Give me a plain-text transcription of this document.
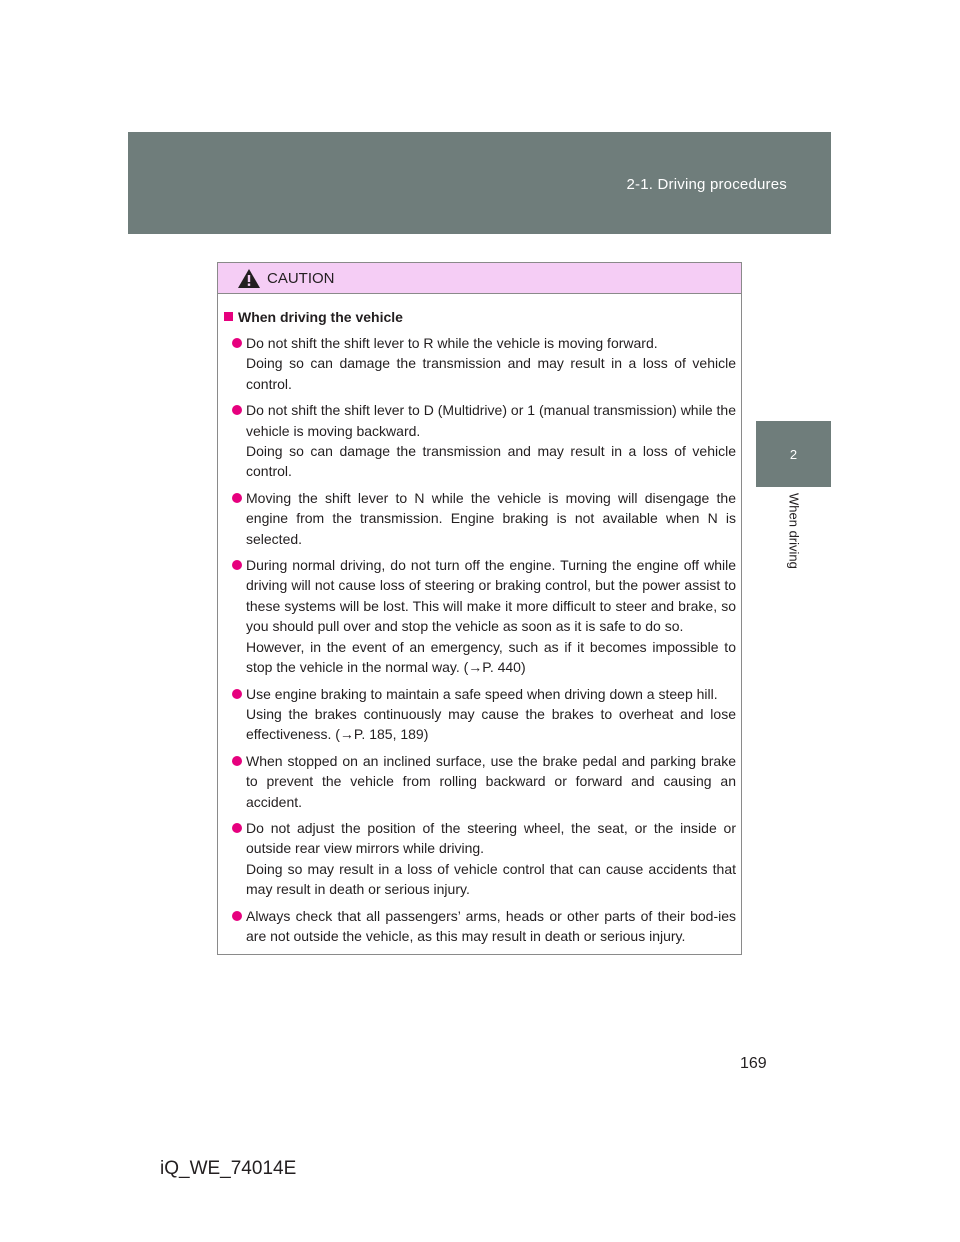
2-1. Driving procedures
2
When driving
CAUTION
When driving the vehicle

Do not shift the shift lever to R while the vehicle is moving forward.

Doing so can damage the transmission and may result in a loss of vehicle control.

Do not shift the shift lever to D (Multidrive) or 1 (manual transmission) while the vehicle is moving backward.

Doing so can damage the transmission and may result in a loss of vehicle control.

Moving the shift lever to N while the vehicle is moving will disengage the engine from the transmission. Engine braking is not available when N is selected.

During normal driving, do not turn off the engine. Turning the engine off while driving will not cause loss of steering or braking control, but the power assist to these systems will be lost. This will make it more difficult to steer and brake, so you should pull over and stop the vehicle as soon as it is safe to do so.

However, in the event of an emergency, such as if it becomes impossible to stop the vehicle in the normal way. (→P. 440)

Use engine braking to maintain a safe speed when driving down a steep hill.

Using the brakes continuously may cause the brakes to overheat and lose effectiveness. (→P. 185, 189)

When stopped on an inclined surface, use the brake pedal and parking brake to prevent the vehicle from rolling backward or forward and causing an accident.

Do not adjust the position of the steering wheel, the seat, or the inside or outside rear view mirrors while driving.

Doing so may result in a loss of vehicle control that can cause accidents that may result in death or serious injury.

Always check that all passengers’ arms, heads or other parts of their bod-ies are not outside the vehicle, as this may result in death or serious injury.

169
iQ_WE_74014E
